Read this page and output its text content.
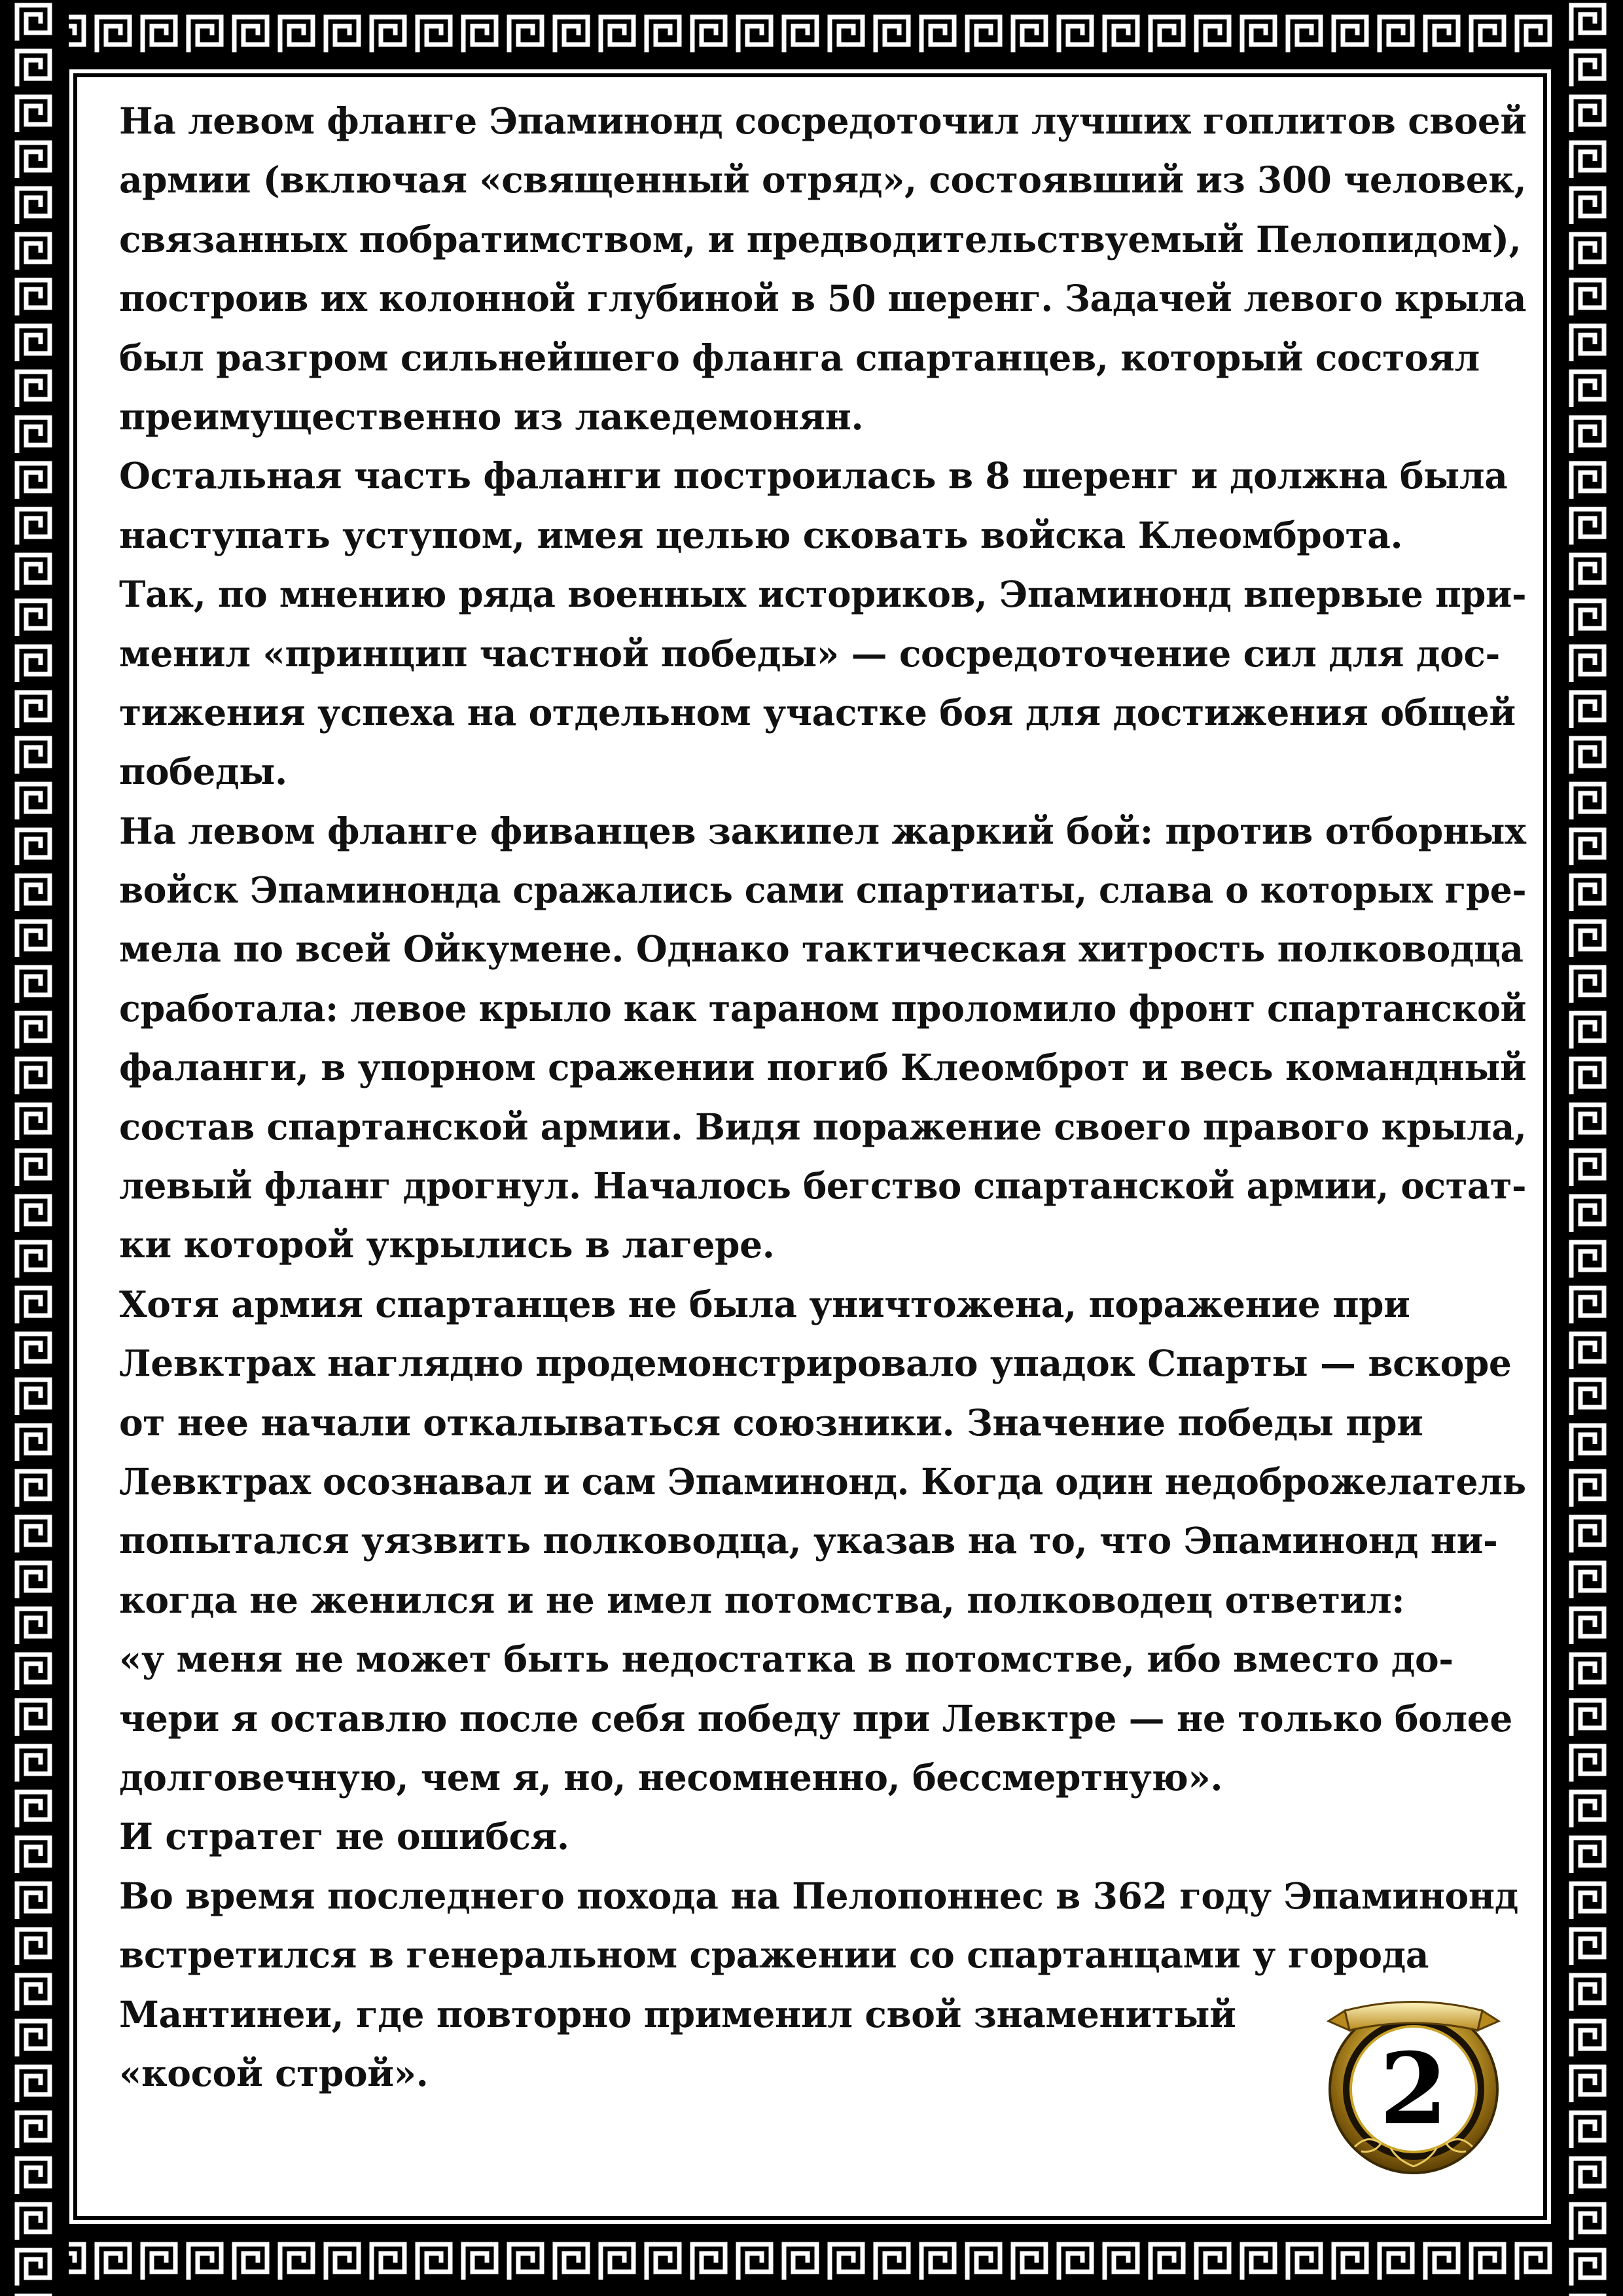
На левом фланге Эпаминонд сосредоточил лучших гоплитов своей
армии (включая «священный отряд», состоявший из 300 человек,
связанных побратимством, и предводительствуемый Пелопидом),
построив их колонной глубиной в 50 шеренг. Задачей левого крыла
был разгром сильнейшего фланга спартанцев, который состоял
преимущественно из лакедемонян.
Остальная часть фаланги построилась в 8 шеренг и должна была
наступать уступом, имея целью сковать войска Клеомброта.
Так, по мнению ряда военных историков, Эпаминонд впервые при-
менил «принцип частной победы» — сосредоточение сил для дос-
тижения успеха на отдельном участке боя для достижения общей
победы.
На левом фланге фиванцев закипел жаркий бой: против отборных
войск Эпаминонда сражались сами спартиаты, слава о которых гре-
мела по всей Ойкумене. Однако тактическая хитрость полководца
сработала: левое крыло как тараном проломило фронт спартанской
фаланги, в упорном сражении погиб Клеомброт и весь командный
состав спартанской армии. Видя поражение своего правого крыла,
левый фланг дрогнул. Началось бегство спартанской армии, остат-
ки которой укрылись в лагере.
Хотя армия спартанцев не была уничтожена, поражение при
Левктрах наглядно продемонстрировало упадок Спарты — вскоре
от нее начали откалываться союзники. Значение победы при
Левктрах осознавал и сам Эпаминонд. Когда один недоброжелатель
попытался уязвить полководца, указав на то, что Эпаминонд ни-
когда не женился и не имел потомства, полководец ответил:
«у меня не может быть недостатка в потомстве, ибо вместо до-
чери я оставлю после себя победу при Левктре — не только более
долговечную, чем я, но, несомненно, бессмертную».
И стратег не ошибся.
Во время последнего похода на Пелопоннес в 362 году Эпаминонд
встретился в генеральном сражении со спартанцами у города
Мантинеи, где повторно применил свой знаменитый
«косой строй».	2
